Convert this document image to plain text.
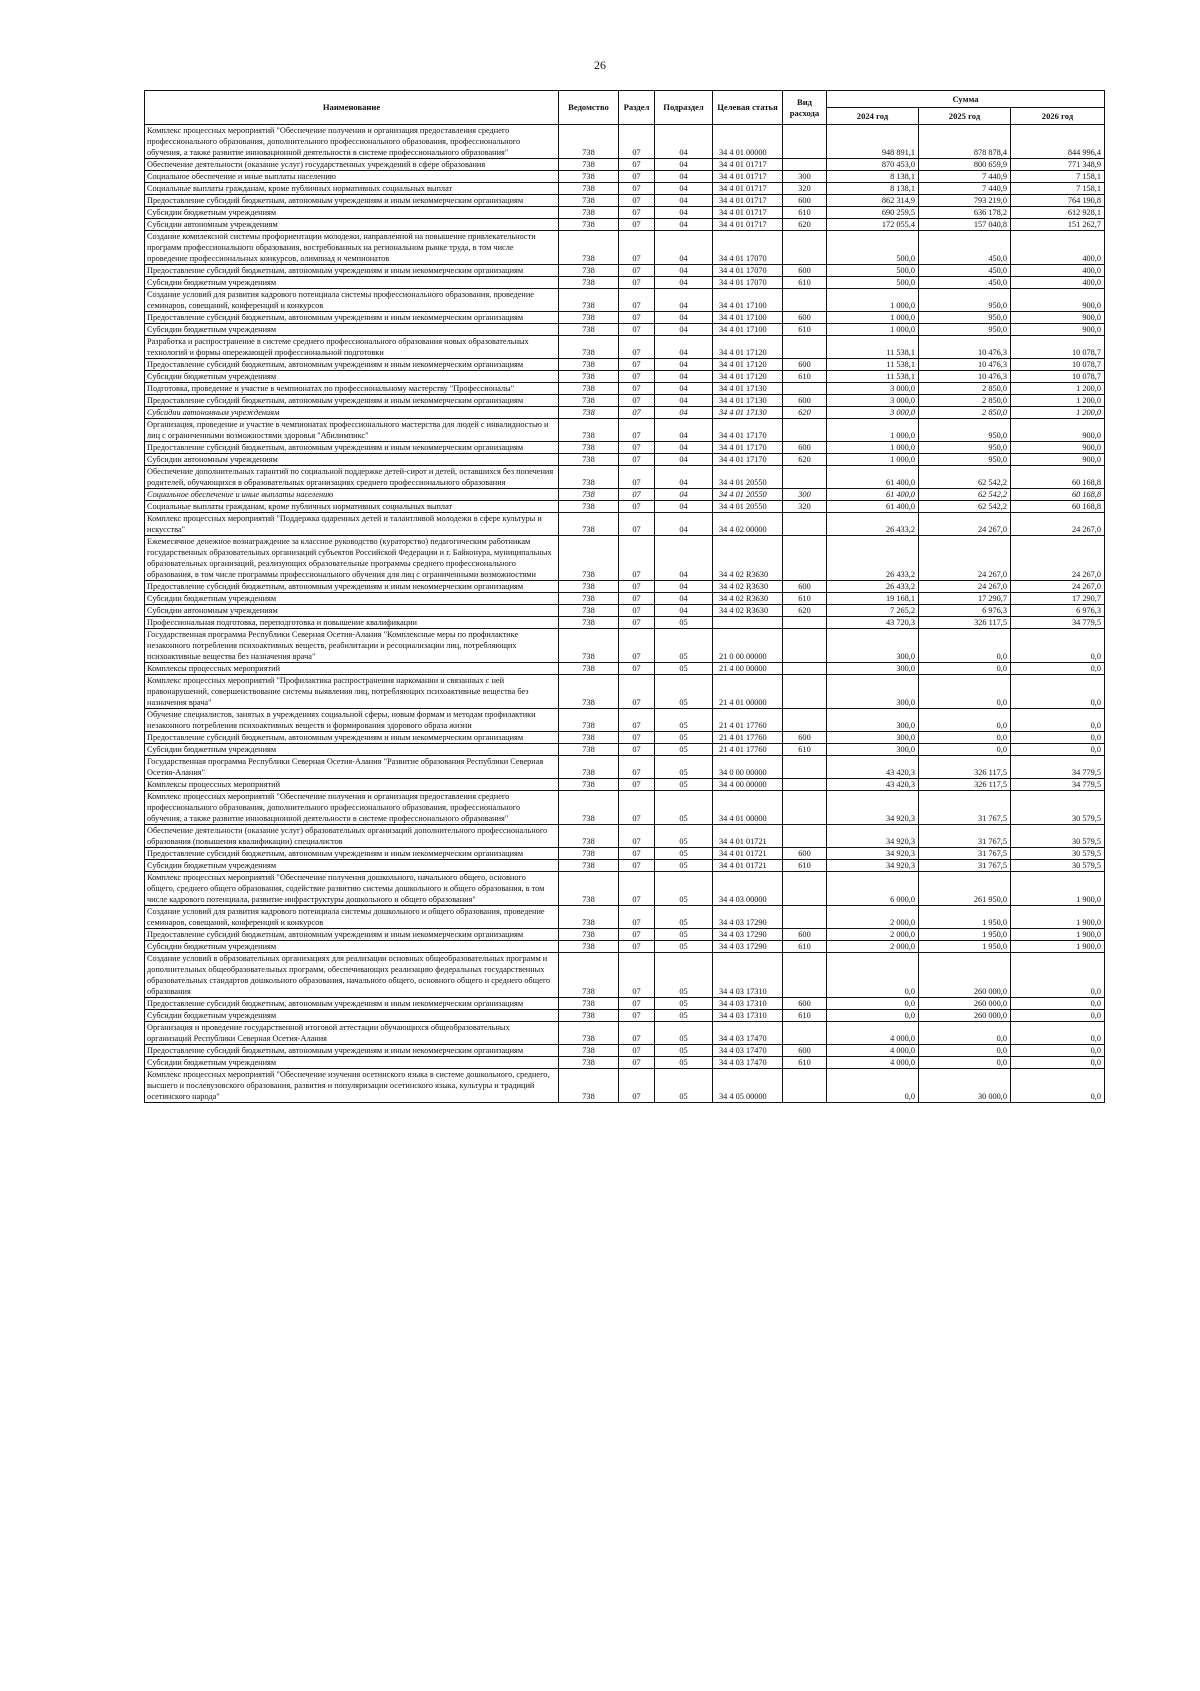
26
Наименование	Ведомство	Раздел	Подраздел	Целевая статья	Вид расхода	Сумма		
						2024 год	2025 год	2026 год
Комплекс процессных мероприятий "Обеспечение получения и организация предоставления среднего профессионального образования, дополнительного профессионального образования, профессионального обучения, а также развитие инновационной деятельности в системе профессионального образования"	738	07	04	34 4 01 00000		948 891,1	878 878,4	844 996,4
Обеспечение деятельности (оказание услуг) государственных учреждений в сфере образования	738	07	04	34 4 01 01717		870 453,0	800 659,9	771 348,9
Социальное обеспечение и иные выплаты населению	738	07	04	34 4 01 01717	300	8 138,1	7 440,9	7 158,1
Социальные выплаты гражданам, кроме публичных нормативных социальных выплат	738	07	04	34 4 01 01717	320	8 138,1	7 440,9	7 158,1
Предоставление субсидий бюджетным, автономным учреждениям и иным некоммерческим организациям	738	07	04	34 4 01 01717	600	862 314,9	793 219,0	764 190,8
Субсидии бюджетным учреждениям	738	07	04	34 4 01 01717	610	690 259,5	636 178,2	612 928,1
Субсидии автономным учреждениям	738	07	04	34 4 01 01717	620	172 055,4	157 040,8	151 262,7
Создание комплексной системы профориентации молодежи, направленной на повышение привлекательности программ профессионального образования, востребованных на региональном рынке труда, в том числе проведение профессиональных конкурсов, олимпиад и чемпионатов	738	07	04	34 4 01 17070		500,0	450,0	400,0
Предоставление субсидий бюджетным, автономным учреждениям и иным некоммерческим организациям	738	07	04	34 4 01 17070	600	500,0	450,0	400,0
Субсидии бюджетным учреждениям	738	07	04	34 4 01 17070	610	500,0	450,0	400,0
Создание условий для развития кадрового потенциала системы профессионального образования, проведение семинаров, совещаний, конференций и конкурсов	738	07	04	34 4 01 17100		1 000,0	950,0	900,0
Предоставление субсидий бюджетным, автономным учреждениям и иным некоммерческим организациям	738	07	04	34 4 01 17100	600	1 000,0	950,0	900,0
Субсидии бюджетным учреждениям	738	07	04	34 4 01 17100	610	1 000,0	950,0	900,0
Разработка и распространение в системе среднего профессионального образования новых образовательных технологий и формы опережающей профессиональной подготовки	738	07	04	34 4 01 17120		11 538,1	10 476,3	10 078,7
Предоставление субсидий бюджетным, автономным учреждениям и иным некоммерческим организациям	738	07	04	34 4 01 17120	600	11 538,1	10 476,3	10 078,7
Субсидии бюджетным учреждениям	738	07	04	34 4 01 17120	610	11 538,1	10 476,3	10 078,7
Подготовка, проведение и участие в чемпионатах по профессиональному мастерству "Профессионалы"	738	07	04	34 4 01 17130		3 000,0	2 850,0	1 200,0
Предоставление субсидий бюджетным, автономным учреждениям и иным некоммерческим организациям	738	07	04	34 4 01 17130	600	3 000,0	2 850,0	1 200,0
Субсидии автономным учреждениям	738	07	04	34 4 01 17130	620	3 000,0	2 850,0	1 200,0
Организация, проведение и участие в чемпионатах профессионального мастерства для людей с инвалидностью и лиц с ограниченными возможностями здоровья "Абилимпикс"	738	07	04	34 4 01 17170		1 000,0	950,0	900,0
Предоставление субсидий бюджетным, автономным учреждениям и иным некоммерческим организациям	738	07	04	34 4 01 17170	600	1 000,0	950,0	900,0
Субсидии автономным учреждениям	738	07	04	34 4 01 17170	620	1 000,0	950,0	900,0
Обеспечение дополнительных гарантий по социальной поддержке детей-сирот и детей, оставшихся без попечения родителей, обучающихся в образовательных организациях среднего профессионального образования	738	07	04	34 4 01 20550		61 400,0	62 542,2	60 168,8
Социальное обеспечение и иные выплаты населению	738	07	04	34 4 01 20550	300	61 400,0	62 542,2	60 168,8
Социальные выплаты гражданам, кроме публичных нормативных социальных выплат	738	07	04	34 4 01 20550	320	61 400,0	62 542,2	60 168,8
Комплекс процессных мероприятий "Поддержка одаренных детей и талантливой молодежи в сфере культуры и искусства"	738	07	04	34 4 02 00000		26 433,2	24 267,0	24 267,0
Ежемесячное денежное вознаграждение за классное руководство (кураторство) педагогическим работникам государственных образовательных организаций субъектов Российской Федерации и г. Байконура, муниципальных образовательных организаций, реализующих образовательные программы среднего профессионального образования, в том числе программы профессионального обучения для лиц с ограниченными возможностями	738	07	04	34 4 02 R3630		26 433,2	24 267,0	24 267,0
Предоставление субсидий бюджетным, автономным учреждениям и иным некоммерческим организациям	738	07	04	34 4 02 R3630	600	26 433,2	24 267,0	24 267,0
Субсидии бюджетным учреждениям	738	07	04	34 4 02 R3630	610	19 168,1	17 290,7	17 290,7
Субсидии автономным учреждениям	738	07	04	34 4 02 R3630	620	7 265,2	6 976,3	6 976,3
Профессиональная подготовка, переподготовка и повышение квалификации	738	07	05			43 720,3	326 117,5	34 779,5
Государственная программа Республики Северная Осетия-Алания "Комплексные меры по профилактике незаконного потребления психоактивных веществ, реабилитации и ресоциализации лиц, потребляющих психоактивные вещества без назначения врача"	738	07	05	21 0 00 00000		300,0	0,0	0,0
Комплексы процессных мероприятий	738	07	05	21 4 00 00000		300,0	0,0	0,0
Комплекс процессных мероприятий "Профилактика распространения наркомании и связанных с ней правонарушений, совершенствование системы выявления лиц, потребляющих психоактивные вещества без назначения врача"	738	07	05	21 4 01 00000		300,0	0,0	0,0
Обучение специалистов, занятых в учреждениях социальной сферы, новым формам и методам профилактики незаконного потребления психоактивных веществ и формирования здорового образа жизни	738	07	05	21 4 01 17760		300,0	0,0	0,0
Предоставление субсидий бюджетным, автономным учреждениям и иным некоммерческим организациям	738	07	05	21 4 01 17760	600	300,0	0,0	0,0
Субсидии бюджетным учреждениям	738	07	05	21 4 01 17760	610	300,0	0,0	0,0
Государственная программа Республики Северная Осетия-Алания "Развитие образования Республики Северная Осетия-Алания"	738	07	05	34 0 00 00000		43 420,3	326 117,5	34 779,5
Комплексы процессных мероприятий	738	07	05	34 4 00 00000		43 420,3	326 117,5	34 779,5
Комплекс процессных мероприятий "Обеспечение получения и организация предоставления среднего профессионального образования, дополнительного профессионального образования, профессионального обучения, а также развитие инновационной деятельности в системе профессионального образования"	738	07	05	34 4 01 00000		34 920,3	31 767,5	30 579,5
Обеспечение деятельности (оказание услуг) образовательных организаций дополнительного профессионального образования (повышения квалификации) специалистов	738	07	05	34 4 01 01721		34 920,3	31 767,5	30 579,5
Предоставление субсидий бюджетным, автономным учреждениям и иным некоммерческим организациям	738	07	05	34 4 01 01721	600	34 920,3	31 767,5	30 579,5
Субсидии бюджетным учреждениям	738	07	05	34 4 01 01721	610	34 920,3	31 767,5	30 579,5
Комплекс процессных мероприятий "Обеспечение получения дошкольного, начального общего, основного общего, среднего общего образования, содействие развитию системы дошкольного и общего образования, в том числе кадрового потенциала, развитие инфраструктуры дошкольного и общего образования"	738	07	05	34 4 03 00000		6 000,0	261 950,0	1 900,0
Создание условий для развития кадрового потенциала системы дошкольного и общего образования, проведение семинаров, совещаний, конференций и конкурсов	738	07	05	34 4 03 17290		2 000,0	1 950,0	1 900,0
Предоставление субсидий бюджетным, автономным учреждениям и иным некоммерческим организациям	738	07	05	34 4 03 17290	600	2 000,0	1 950,0	1 900,0
Субсидии бюджетным учреждениям	738	07	05	34 4 03 17290	610	2 000,0	1 950,0	1 900,0
Создание условий в образовательных организациях для реализации основных общеобразовательных программ и дополнительных общеобразовательных программ, обеспечивающих реализацию федеральных государственных образовательных стандартов дошкольного образования, начального общего, основного общего и среднего общего образования	738	07	05	34 4 03 17310		0,0	260 000,0	0,0
Предоставление субсидий бюджетным, автономным учреждениям и иным некоммерческим организациям	738	07	05	34 4 03 17310	600	0,0	260 000,0	0,0
Субсидии бюджетным учреждениям	738	07	05	34 4 03 17310	610	0,0	260 000,0	0,0
Организация и проведение государственной итоговой аттестации обучающихся общеобразовательных организаций Республики Северная Осетия-Алания	738	07	05	34 4 03 17470		4 000,0	0,0	0,0
Предоставление субсидий бюджетным, автономным учреждениям и иным некоммерческим организациям	738	07	05	34 4 03 17470	600	4 000,0	0,0	0,0
Субсидии бюджетным учреждениям	738	07	05	34 4 03 17470	610	4 000,0	0,0	0,0
Комплекс процессных мероприятий "Обеспечение изучения осетинского языка в системе дошкольного, среднего, высшего и послевузовского образования, развития и популяризации осетинского языка, культуры и традиций осетинского народа"	738	07	05	34 4 05 00000		0,0	30 000,0	0,0
